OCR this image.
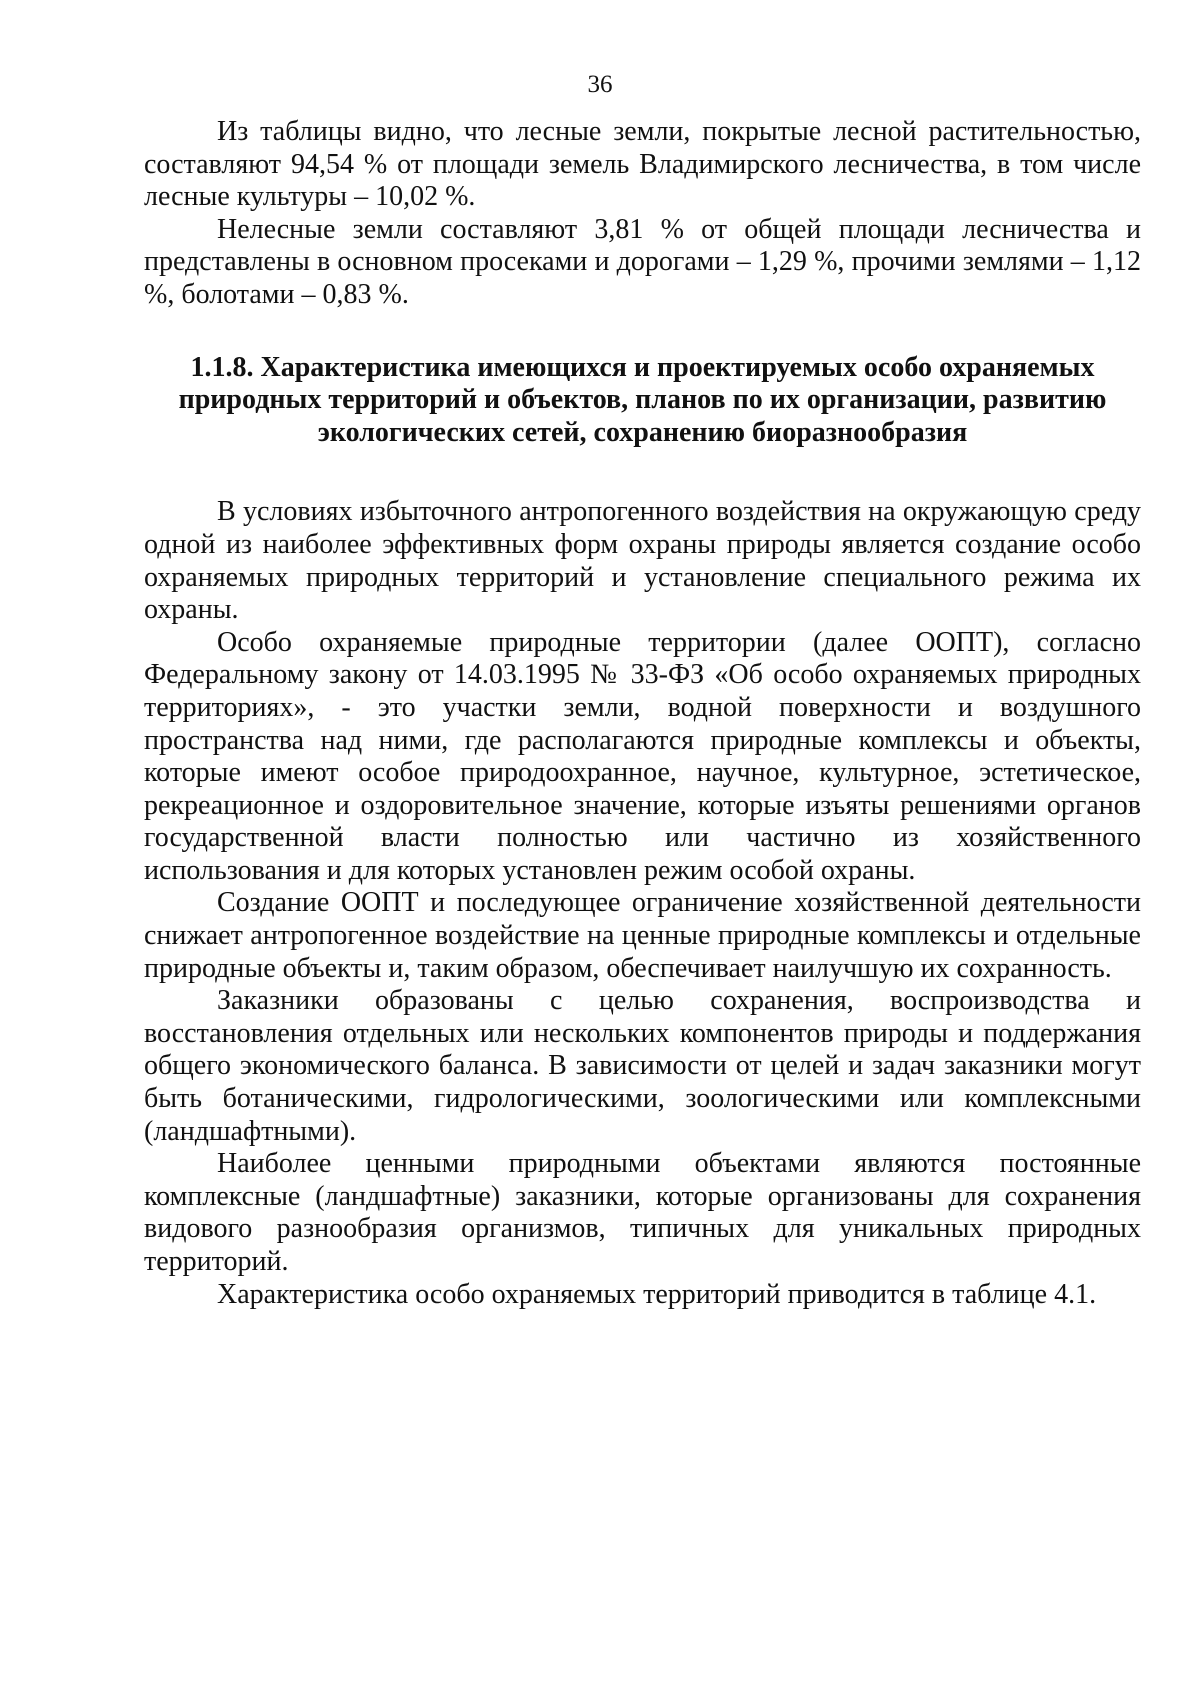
36

Из таблицы видно, что лесные земли, покрытые лесной растительностью, составляют 94,54 % от площади земель Владимирского лесничества, в том числе лесные культуры – 10,02 %.

Нелесные земли составляют 3,81 % от общей площади лесничества и представлены в основном просеками и дорогами – 1,29 %, прочими землями – 1,12 %, болотами – 0,83 %.

1.1.8. Характеристика имеющихся и проектируемых особо охраняемых природных территорий и объектов, планов по их организации, развитию экологических сетей, сохранению биоразнообразия

В условиях избыточного антропогенного воздействия на окружающую среду одной из наиболее эффективных форм охраны природы является создание особо охраняемых природных территорий и установление специального режима их охраны.

Особо охраняемые природные территории (далее ООПТ), согласно Федеральному закону от 14.03.1995 № 33-ФЗ «Об особо охраняемых природных территориях», - это участки земли, водной поверхности и воздушного пространства над ними, где располагаются природные комплексы и объекты, которые имеют особое природоохранное, научное, культурное, эстетическое, рекреационное и оздоровительное значение, которые изъяты решениями органов государственной власти полностью или частично из хозяйственного использования и для которых установлен режим особой охраны.

Создание ООПТ и последующее ограничение хозяйственной деятельности снижает антропогенное воздействие на ценные природные комплексы и отдельные природные объекты и, таким образом, обеспечивает наилучшую их сохранность.

Заказники образованы с целью сохранения, воспроизводства и восстановления отдельных или нескольких компонентов природы и поддержания общего экономического баланса. В зависимости от целей и задач заказники могут быть ботаническими, гидрологическими, зоологическими или комплексными (ландшафтными).

Наиболее ценными природными объектами являются постоянные комплексные (ландшафтные) заказники, которые организованы для сохранения видового разнообразия организмов, типичных для уникальных природных территорий.

Характеристика особо охраняемых территорий приводится в таблице 4.1.
